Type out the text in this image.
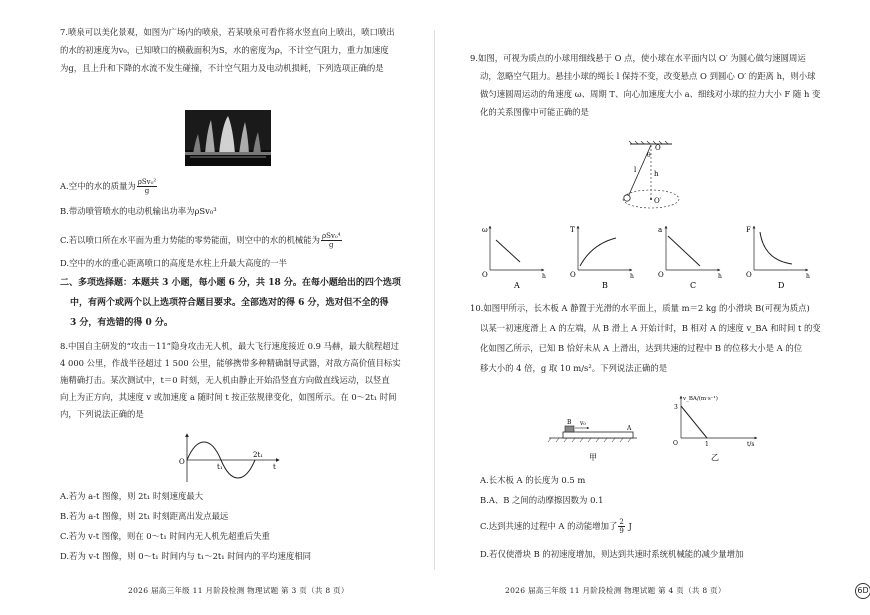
7.喷泉可以美化景观，如图为广场内的喷泉，若某喷泉可看作将水竖直向上喷出，喷口喷出
的水的初速度为v₀，已知喷口的横截面积为S，水的密度为ρ，不计空气阻力，重力加速度
为g，且上升和下降的水流不发生碰撞，不计空气阻力及电动机损耗，下列选项正确的是
A.空中的水的质量为 $\frac{\text{ρSv₀²}}{g}$
B.带动喷管喷水的电动机输出功率为ρSv₀³
C.若以喷口所在水平面为重力势能的零势能面，则空中的水的机械能为 $\frac{\text{ρSv₀⁴}}{g}$
D.空中的水的重心距离喷口的高度是水柱上升最大高度的一半
二、多项选择题：本题共 3 小题，每小题 6 分，共 18 分。在每小题给出的四个选项
中，有两个或两个以上选项符合题目要求。全部选对的得 6 分，选对但不全的得
3 分，有选错的得 0 分。
8.中国自主研发的“攻击－11”隐身攻击无人机，最大飞行速度接近 0.9 马赫，最大航程超过
4 000 公里，作战半径超过 1 500 公里，能够携带多种精确制导武器，对敌方高价值目标实
施精确打击。某次测试中，t＝0 时刻，无人机由静止开始沿竖直方向做直线运动，以竖直
向上为正方向，其速度 v 或加速度 a 随时间 t 按正弦规律变化，如图所示。在 0～2t₁ 时间
内，下列说法正确的是
O
t₁
2t₁
t
A.若为 a-t 图像，则 2t₁ 时刻速度最大
B.若为 a-t 图像，则 2t₁ 时刻距离出发点最远
C.若为 v-t 图像，则在 0～t₁ 时间内无人机先超重后失重
D.若为 v-t 图像，则 0～t₁ 时间内与 t₁～2t₁ 时间内的平均速度相同
2026 届高三年级 11 月阶段检测 物理试题 第 3 页（共 8 页）
9.如图，可视为质点的小球用细线悬于 O 点，使小球在水平面内以 O′ 为圆心做匀速圆周运
动，忽略空气阻力。悬挂小球的绳长 l 保持不变，改变悬点 O 到圆心 O′ 的距离 h，则小球
做匀速圆周运动的角速度 ω、周期 T、向心加速度大小 a、细线对小球的拉力大小 F 随 h 变
化的关系图像中可能正确的是
O
θ
l	h
O′
ω
O	h
A
T
O	h
B
a
O	h
C
F
O	h
D
10.如图甲所示，长木板 A 静置于光滑的水平面上，质量 m＝2 kg 的小滑块 B(可视为质点)
以某一初速度滑上 A 的左端，从 B 滑上 A 开始计时，B 相对 A 的速度 v_BA 和时间 t 的变
化如图乙所示，已知 B 恰好未从 A 上滑出，达到共速的过程中 B 的位移大小是 A 的位
移大小的 4 倍，g 取 10 m/s²。下列说法正确的是
B v₀
A
甲
v_BA/(m·s⁻¹)
3
O	1	t/s
乙
A.长木板 A 的长度为 0.5 m
B.A、B 之间的动摩擦因数为 0.1
C.达到共速的过程中 A 的动能增加了 $\frac{2}{9}$ J
D.若仅使滑块 B 的初速度增加，则达到共速时系统机械能的减少量增加
2026 届高三年级 11 月阶段检测 物理试题 第 4 页（共 8 页）	6D
